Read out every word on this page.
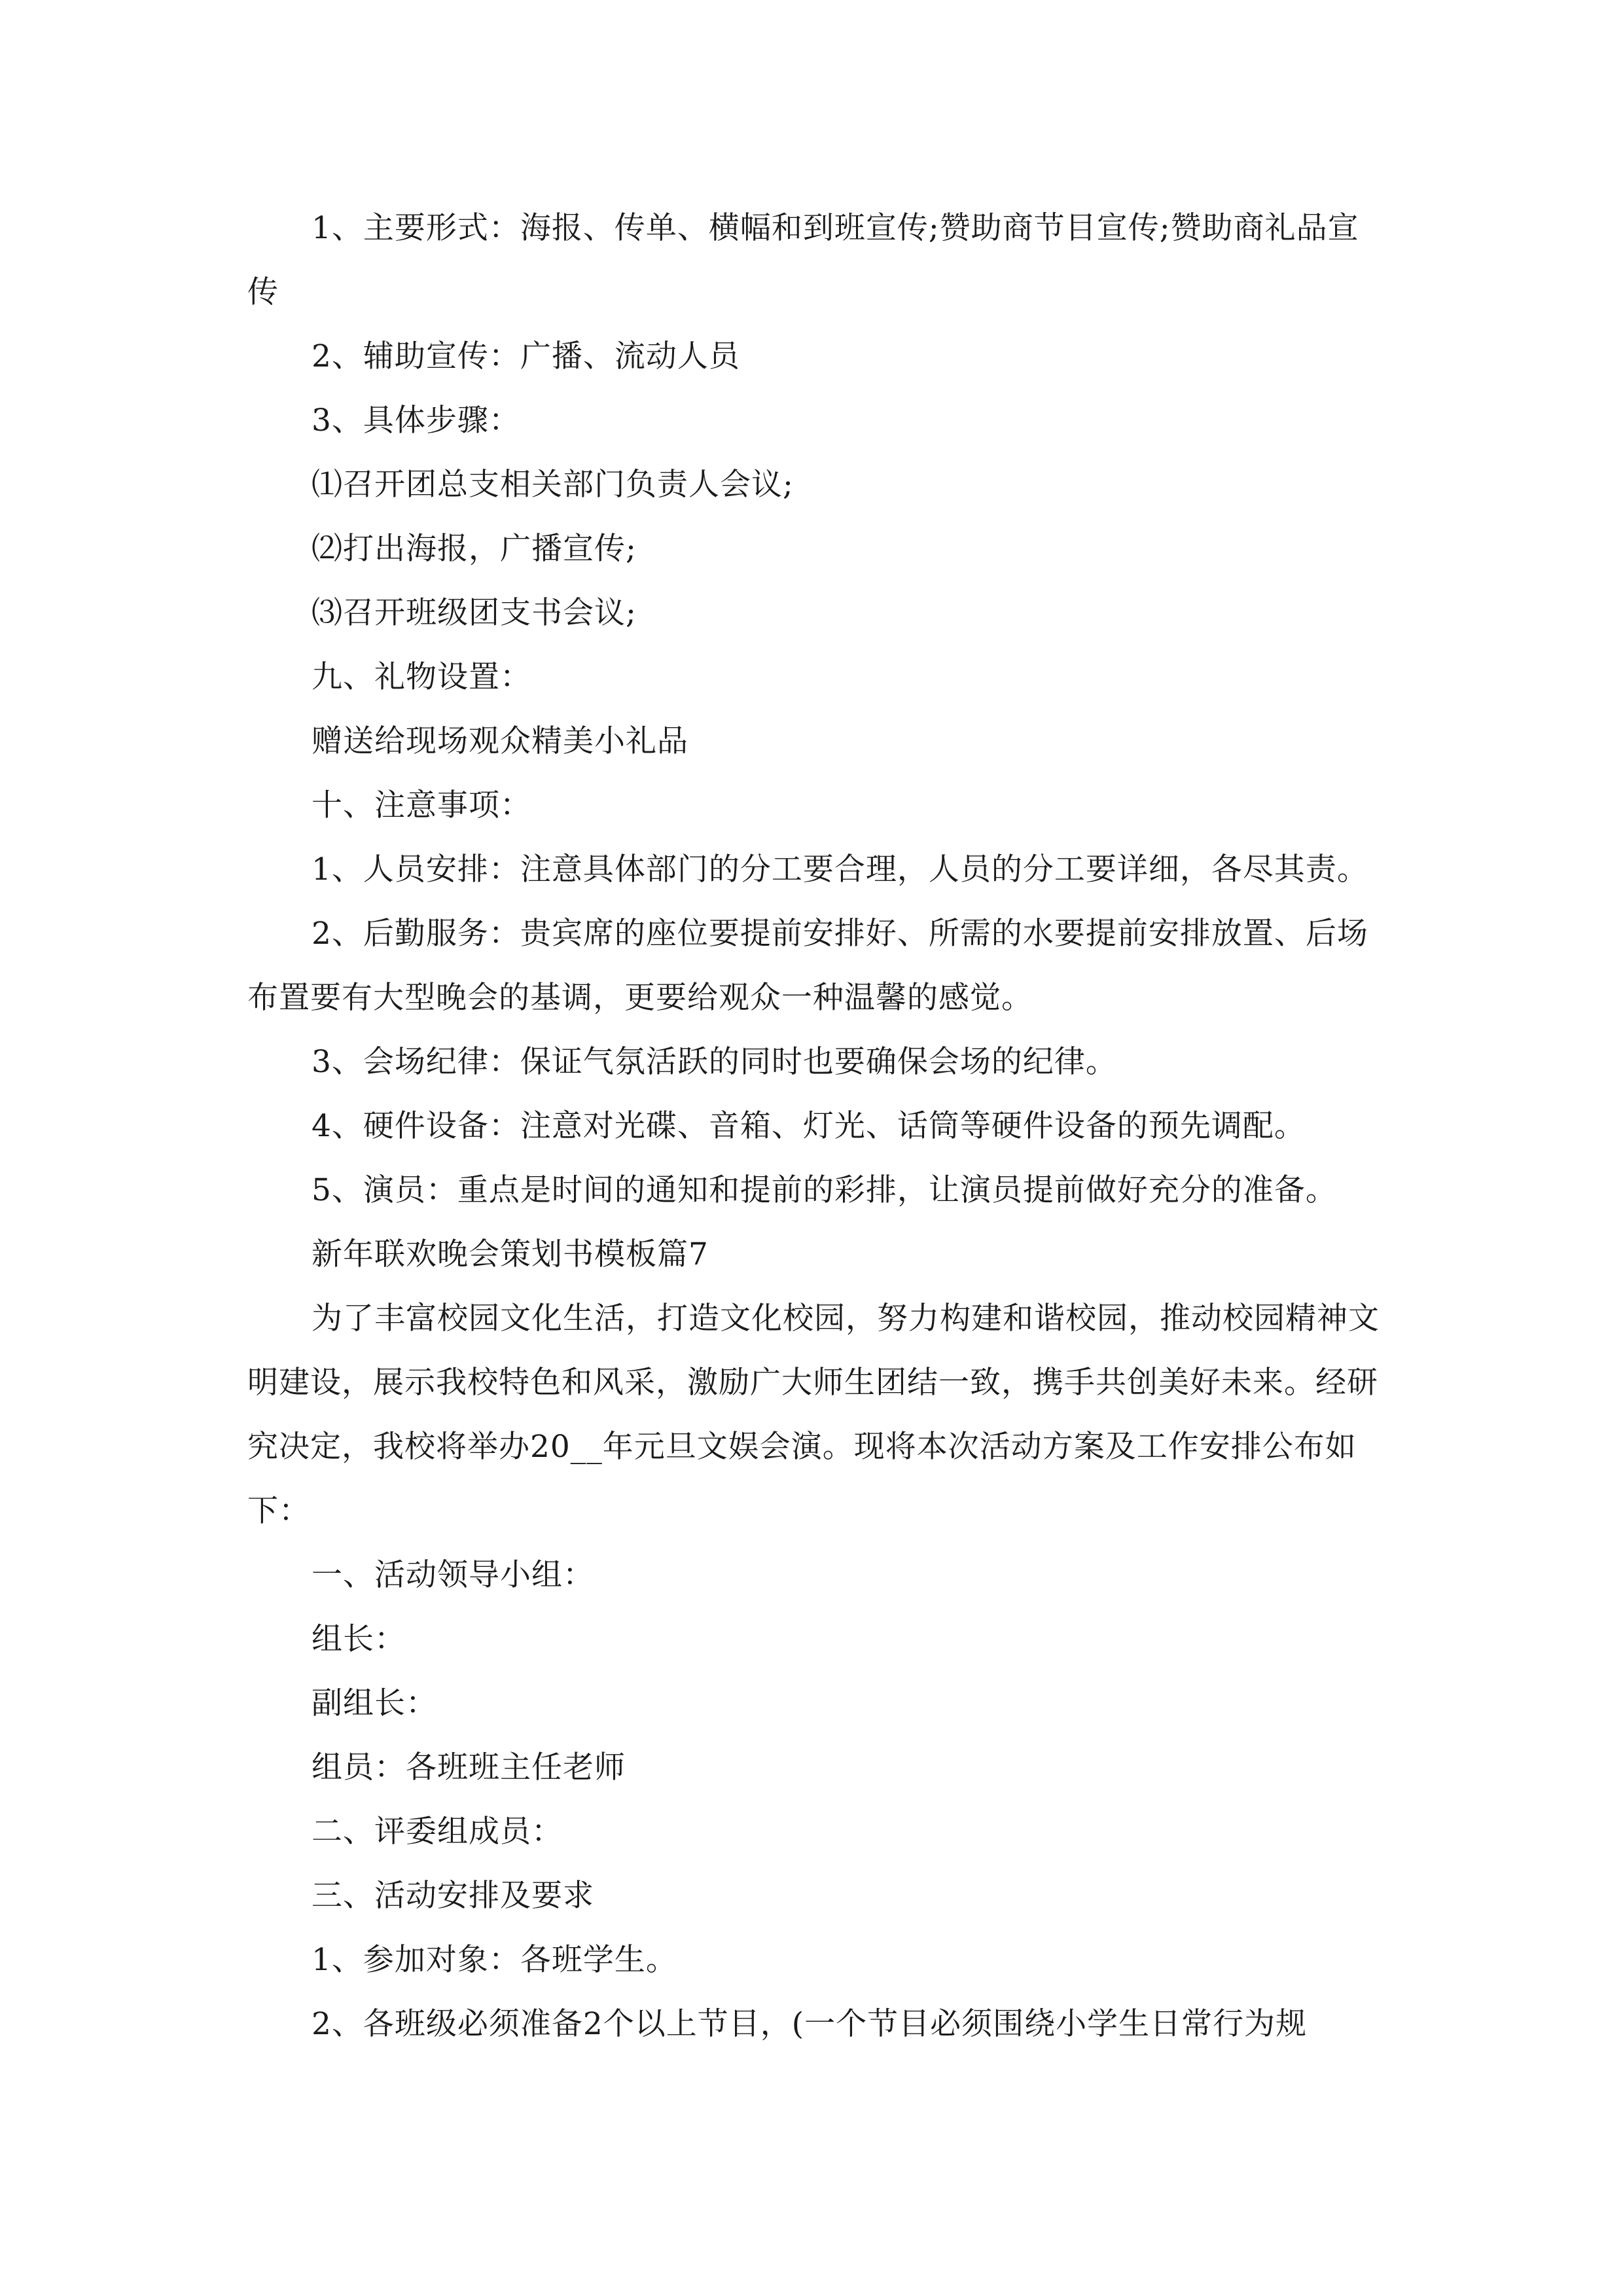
1、主要形式：海报、传单、横幅和到班宣传;赞助商节目宣传;赞助商礼品宣传

2、辅助宣传：广播、流动人员

3、具体步骤：

⑴召开团总支相关部门负责人会议;

⑵打出海报，广播宣传;

⑶召开班级团支书会议;

九、礼物设置：

赠送给现场观众精美小礼品

十、注意事项：

1、人员安排：注意具体部门的分工要合理，人员的分工要详细，各尽其责。

2、后勤服务：贵宾席的座位要提前安排好、所需的水要提前安排放置、后场布置要有大型晚会的基调，更要给观众一种温馨的感觉。

3、会场纪律：保证气氛活跃的同时也要确保会场的纪律。

4、硬件设备：注意对光碟、音箱、灯光、话筒等硬件设备的预先调配。

5、演员：重点是时间的通知和提前的彩排，让演员提前做好充分的准备。

新年联欢晚会策划书模板篇7

为了丰富校园文化生活，打造文化校园，努力构建和谐校园，推动校园精神文明建设，展示我校特色和风采，激励广大师生团结一致，携手共创美好未来。经研究决定，我校将举办20__年元旦文娱会演。现将本次活动方案及工作安排公布如下：

一、活动领导小组：

组长：

副组长：

组员：各班班主任老师

二、评委组成员：

三、活动安排及要求

1、参加对象：各班学生。

2、各班级必须准备2个以上节目，(一个节目必须围绕小学生日常行为规
